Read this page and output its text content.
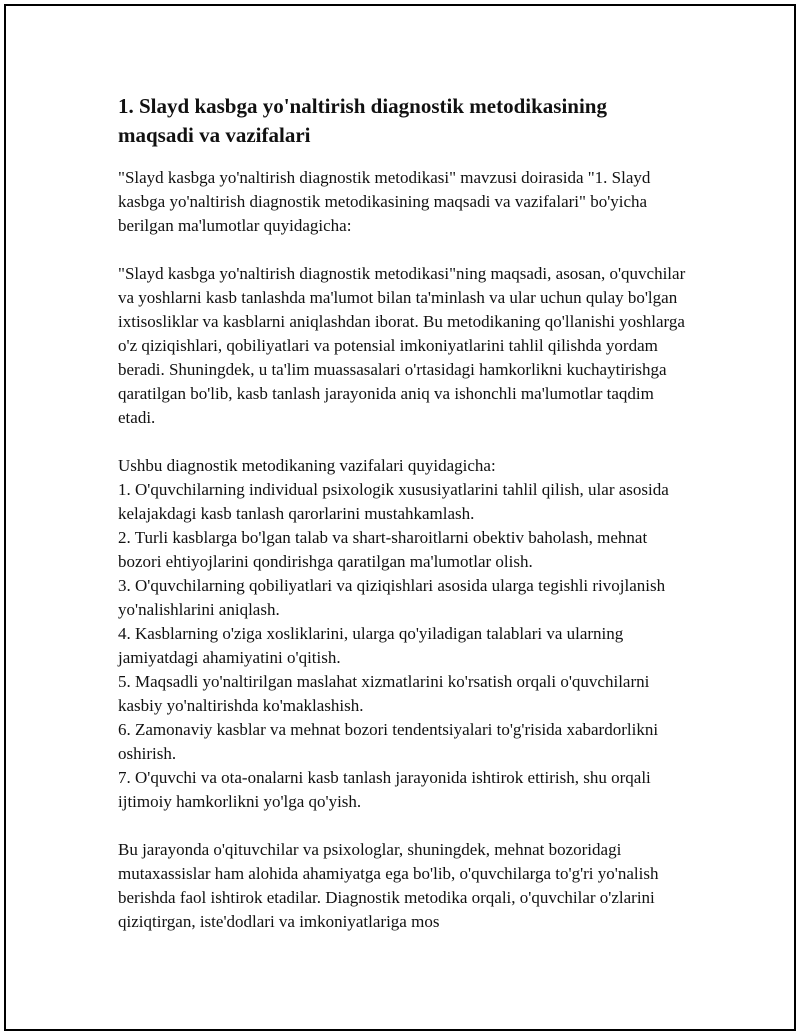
1. Slayd kasbga yo'naltirish diagnostik metodikasining maqsadi va vazifalari

"Slayd kasbga yo'naltirish diagnostik metodikasi" mavzusi doirasida "1. Slayd kasbga yo'naltirish diagnostik metodikasining maqsadi va vazifalari" bo'yicha berilgan ma'lumotlar quyidagicha:

"Slayd kasbga yo'naltirish diagnostik metodikasi"ning maqsadi, asosan, o'quvchilar va yoshlarni kasb tanlashda ma'lumot bilan ta'minlash va ular uchun qulay bo'lgan ixtisosliklar va kasblarni aniqlashdan iborat. Bu metodikaning qo'llanishi yoshlarga o'z qiziqishlari, qobiliyatlari va potensial imkoniyatlarini tahlil qilishda yordam beradi. Shuningdek, u ta'lim muassasalari o'rtasidagi hamkorlikni kuchaytirishga qaratilgan bo'lib, kasb tanlash jarayonida aniq va ishonchli ma'lumotlar taqdim etadi.

Ushbu diagnostik metodikaning vazifalari quyidagicha:

1. O'quvchilarning individual psixologik xususiyatlarini tahlil qilish, ular asosida kelajakdagi kasb tanlash qarorlarini mustahkamlash.

2. Turli kasblarga bo'lgan talab va shart-sharoitlarni obektiv baholash, mehnat bozori ehtiyojlarini qondirishga qaratilgan ma'lumotlar olish.

3. O'quvchilarning qobiliyatlari va qiziqishlari asosida ularga tegishli rivojlanish yo'nalishlarini aniqlash.

4. Kasblarning o'ziga xosliklarini, ularga qo'yiladigan talablari va ularning jamiyatdagi ahamiyatini o'qitish.

5. Maqsadli yo'naltirilgan maslahat xizmatlarini ko'rsatish orqali o'quvchilarni kasbiy yo'naltirishda ko'maklashish.

6. Zamonaviy kasblar va mehnat bozori tendentsiyalari to'g'risida xabardorlikni oshirish.

7. O'quvchi va ota-onalarni kasb tanlash jarayonida ishtirok ettirish, shu orqali ijtimoiy hamkorlikni yo'lga qo'yish.

Bu jarayonda o'qituvchilar va psixologlar, shuningdek, mehnat bozoridagi mutaxassislar ham alohida ahamiyatga ega bo'lib, o'quvchilarga to'g'ri yo'nalish berishda faol ishtirok etadilar. Diagnostik metodika orqali, o'quvchilar o'zlarini qiziqtirgan, iste'dodlari va imkoniyatlariga mos
